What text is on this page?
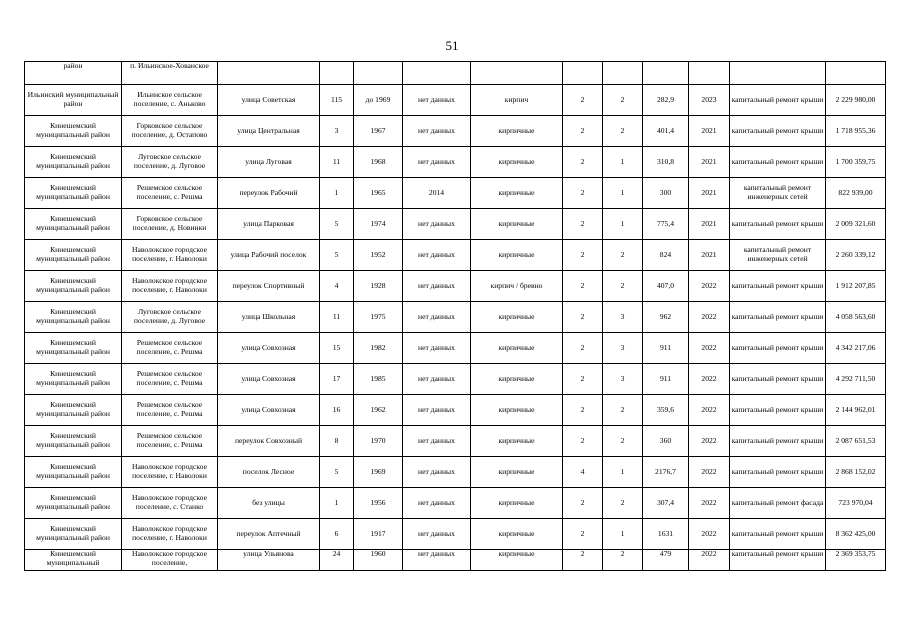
51
район	п. Ильинское-Хованское											
Ильинский муниципальный район	Ильинское сельское поселение, с. Аньково	улица Советская	115	до 1969	нет данных	кирпич	2	2	282,9	2023	капитальный ремонт крыши	2 229 980,00
Кинешемский муниципальный район	Горковское сельское поселение, д. Остапово	улица Центральная	3	1967	нет данных	кирпичные	2	2	401,4	2021	капитальный ремонт крыши	1 718 955,36
Кинешемский муниципальный район	Луговское сельское поселение, д. Луговое	улица Луговая	11	1968	нет данных	кирпичные	2	1	310,8	2021	капитальный ремонт крыши	1 700 359,75
Кинешемский муниципальный район	Решемское сельское поселение, с. Решма	переулок Рабочий	1	1965	2014	кирпичные	2	1	300	2021	капитальный ремонт инженерных сетей	822 939,00
Кинешемский муниципальный район	Горковское сельское поселение, д. Новинки	улица Парковая	5	1974	нет данных	кирпичные	2	1	775,4	2021	капитальный ремонт крыши	2 009 321,60
Кинешемский муниципальный район	Наволокское городское поселение, г. Наволоки	улица Рабочий поселок	5	1952	нет данных	кирпичные	2	2	824	2021	капитальный ремонт инженерных сетей	2 260 339,12
Кинешемский муниципальный район	Наволокское городское поселение, г. Наволоки	переулок Спортивный	4	1928	нет данных	кирпич / бревно	2	2	407,0	2022	капитальный ремонт крыши	1 912 207,85
Кинешемский муниципальный район	Луговское сельское поселение, д. Луговое	улица Школьная	11	1975	нет данных	кирпичные	2	3	962	2022	капитальный ремонт крыши	4 058 563,60
Кинешемский муниципальный район	Решемское сельское поселение, с. Решма	улица Совхозная	15	1982	нет данных	кирпичные	2	3	911	2022	капитальный ремонт крыши	4 342 217,06
Кинешемский муниципальный район	Решемское сельское поселение, с. Решма	улица Совхозная	17	1985	нет данных	кирпичные	2	3	911	2022	капитальный ремонт крыши	4 292 711,50
Кинешемский муниципальный район	Решемское сельское поселение, с. Решма	улица Совхозная	16	1962	нет данных	кирпичные	2	2	359,6	2022	капитальный ремонт крыши	2 144 962,01
Кинешемский муниципальный район	Решемское сельское поселение, с. Решма	переулок Совхозный	8	1970	нет данных	кирпичные	2	2	360	2022	капитальный ремонт крыши	2 087 651,53
Кинешемский муниципальный район	Наволокское городское поселение, г. Наволоки	поселок Лесное	5	1969	нет данных	кирпичные	4	1	2176,7	2022	капитальный ремонт крыши	2 868 152,02
Кинешемский муниципальный район	Наволокское городское поселение, с. Станко	без улицы	1	1956	нет данных	кирпичные	2	2	307,4	2022	капитальный ремонт фасада	723 970,04
Кинешемский муниципальный район	Наволокское городское поселение, г. Наволоки	переулок Аптечный	6	1917	нет данных	кирпичные	2	1	1631	2022	капитальный ремонт крыши	8 362 425,00
Кинешемский муниципальный	Наволокское городское поселение,	улица Ульянова	24	1960	нет данных	кирпичные	2	2	479	2022	капитальный ремонт крыши	2 369 353,75
